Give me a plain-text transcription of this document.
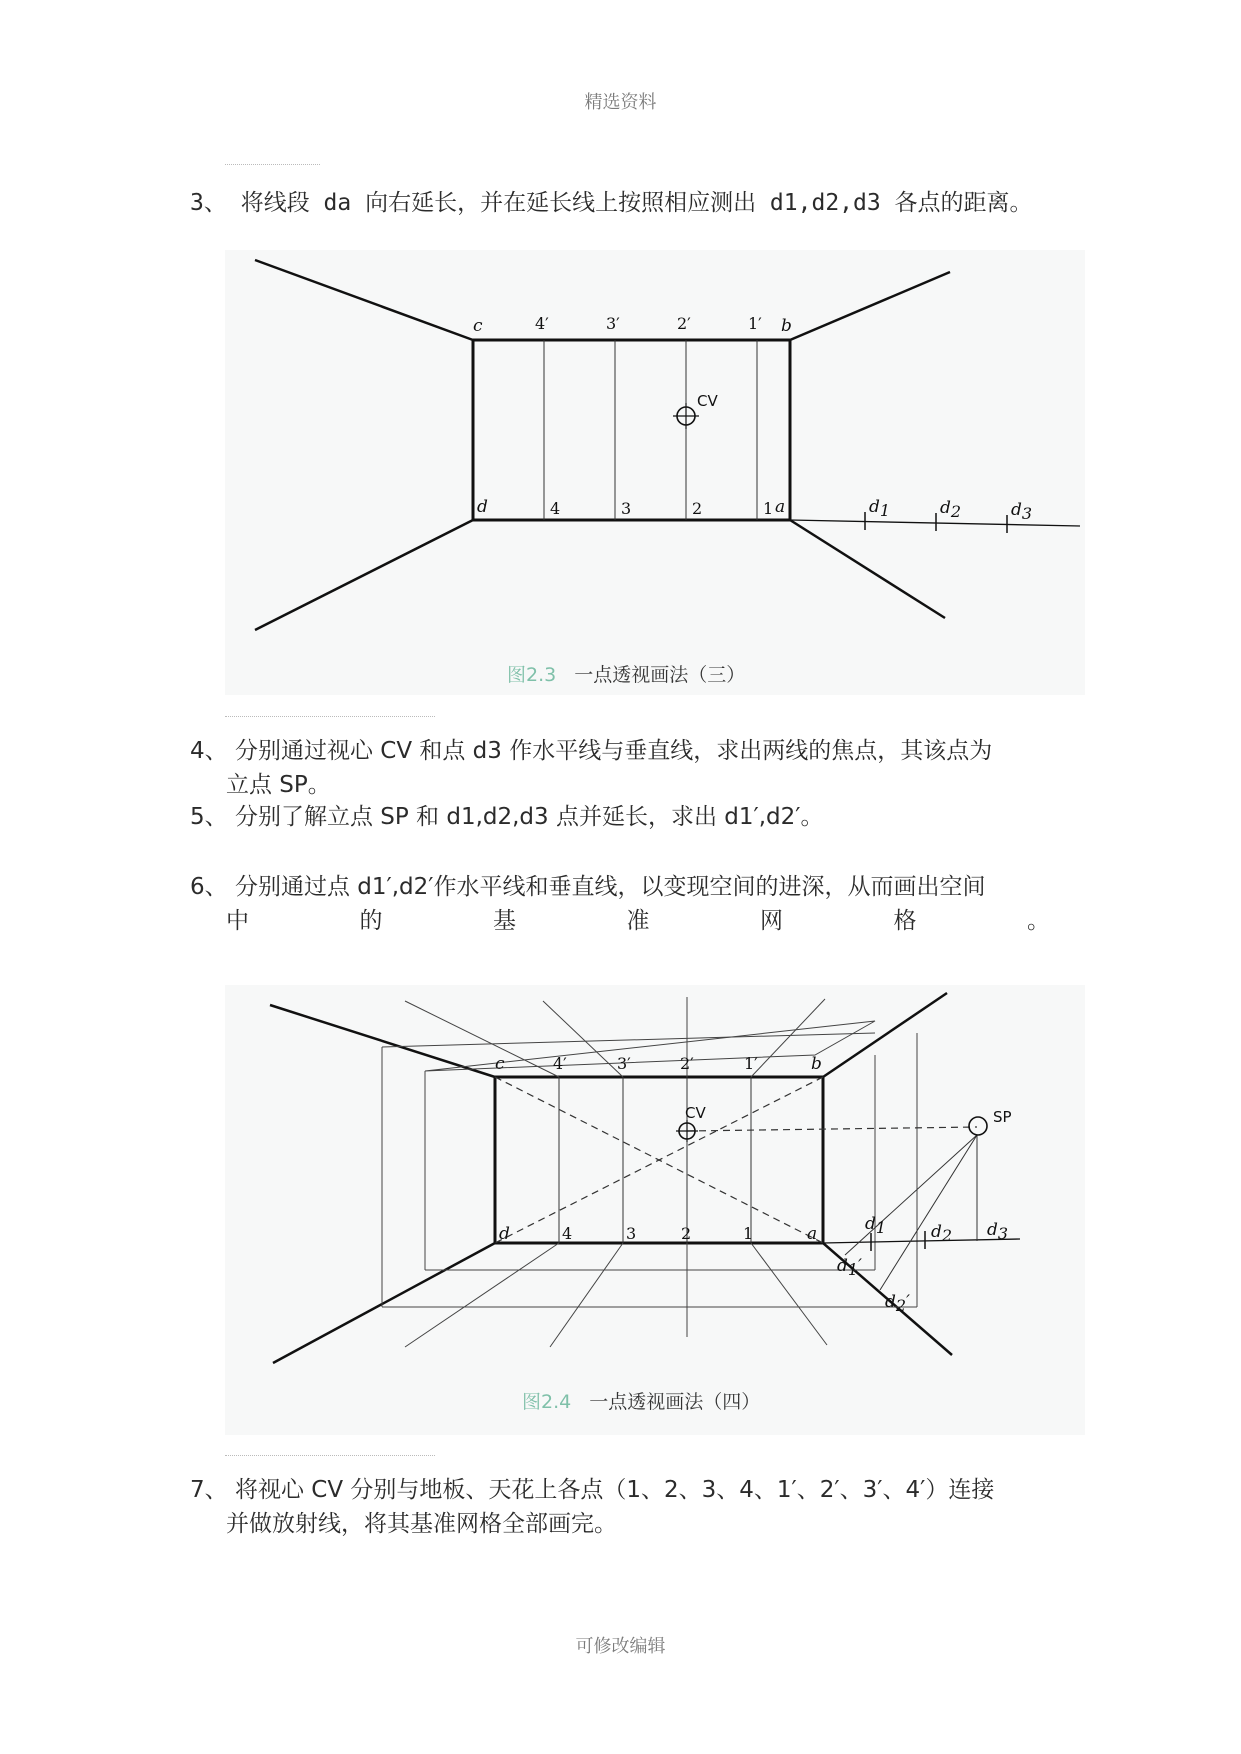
精选资料
3、 将线段 da 向右延长，并在延长线上按照相应测出 d1,d2,d3 各点的距离。
CV
c	b
d	a
4′	3′	2′	1′
4	3	2	1	d1	d2	d3
图2.3 一点透视画法（三）
4、 分别通过视心 CV 和点 d3 作水平线与垂直线，求出两线的焦点，其该点为
立点 SP。
5、 分别了解立点 SP 和 d1,d2,d3 点并延长，求出 d1′,d2′。
6、 分别通过点 d1′,d2′作水平线和垂直线，以变现空间的进深，从而画出空间
中	的	基	准	网	格	。
CV	SP
c	b
d	a
4′	3′	2′	1′
4	3	2	1	d1	d2 d3
d1′
d2′
图2.4 一点透视画法（四）
7、 将视心 CV 分别与地板、天花上各点（1、2、3、4、1′、2′、3′、4′）连接
并做放射线，将其基准网格全部画完。
可修改编辑
